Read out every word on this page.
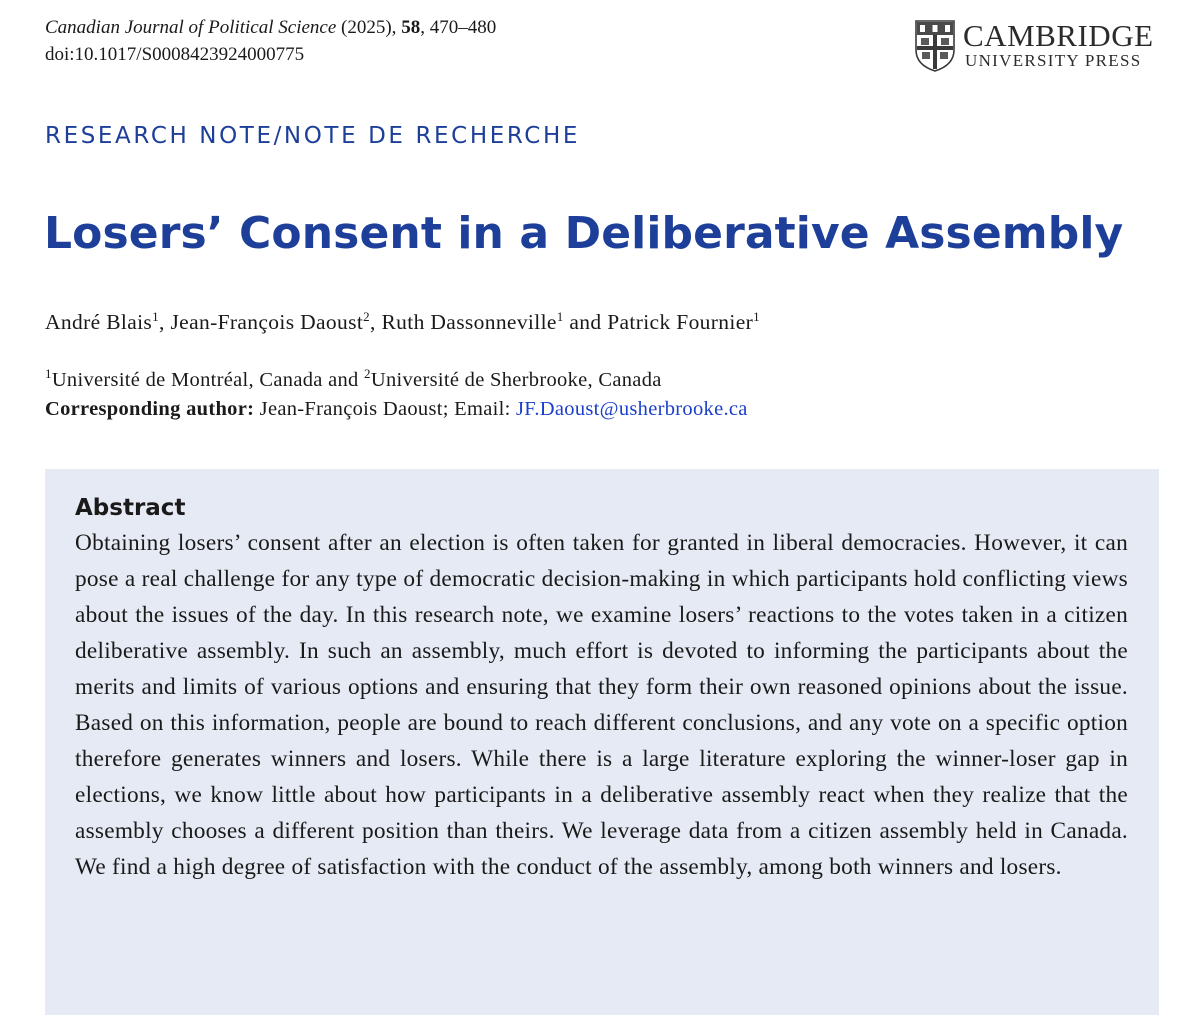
Canadian Journal of Political Science (2025), 58, 470–480
doi:10.1017/S0008423924000775
CAMBRIDGE
UNIVERSITY PRESS
RESEARCH NOTE/NOTE DE RECHERCHE
Losers’ Consent in a Deliberative Assembly
André Blais$^1$, Jean-François Daoust$^2$, Ruth Dassonneville$^1$ and Patrick Fournier$^1$
$^1$Université de Montréal, Canada and $^2$Université de Sherbrooke, Canada
Corresponding author: Jean-François Daoust; Email: JF.Daoust@usherbrooke.ca
Abstract

Obtaining losers’ consent after an election is often taken for granted in liberal democracies. However, it can pose a real challenge for any type of democratic decision-making in which participants hold conflicting views about the issues of the day. In this research note, we examine losers’ reactions to the votes taken in a citizen deliberative assembly. In such an assembly, much effort is devoted to informing the participants about the merits and limits of various options and ensuring that they form their own reasoned opinions about the issue. Based on this information, people are bound to reach different conclusions, and any vote on a specific option therefore generates winners and losers. While there is a large literature exploring the winner-loser gap in elections, we know little about how participants in a deliberative assembly react when they realize that the assembly chooses a different position than theirs. We leverage data from a citizen assembly held in Canada. We find a high degree of satisfaction with the conduct of the assembly, among both winners and losers.
